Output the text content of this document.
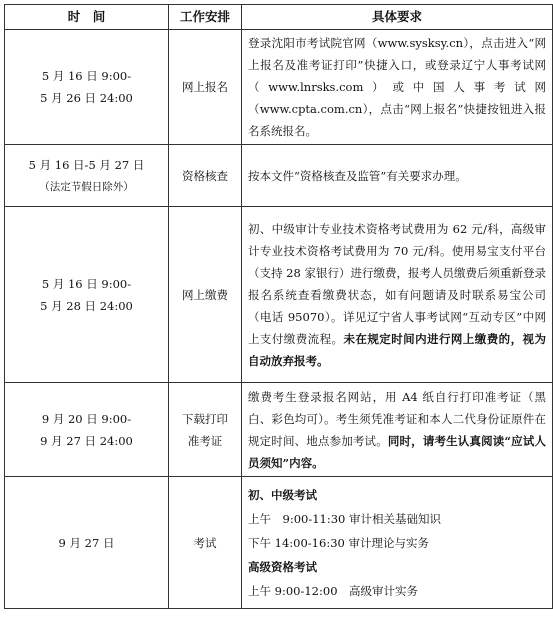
时　间	工作安排	具体要求

5 月 16 日 9:00-
5 月 26 日 24:00	网上报名	登录沈阳市考试院官网（www.sysksy.cn），点击进入“网上报名及准考证打印”快捷入口，或登录辽宁人事考试网（www.lnrsks.com）或中国人事考试网（www.cpta.com.cn），点击“网上报名”快捷按钮进入报名系统报名。

5 月 16 日-5 月 27 日
（法定节假日除外）	资格核查	按本文件“资格核查及监管”有关要求办理。

5 月 16 日 9:00-
5 月 28 日 24:00	网上缴费	初、中级审计专业技术资格考试费用为 62 元/科，高级审计专业技术资格考试费用为 70 元/科。使用易宝支付平台（支持 28 家银行）进行缴费，报考人员缴费后须重新登录报名系统查看缴费状态，如有问题请及时联系易宝公司（电话 95070）。详见辽宁省人事考试网“互动专区”中网上支付缴费流程。未在规定时间内进行网上缴费的，视为自动放弃报考。

9 月 20 日 9:00-
9 月 27 日 24:00	下载打印
准考证	缴费考生登录报名网站，用 A4 纸自行打印准考证（黑白、彩色均可）。考生须凭准考证和本人二代身份证原件在规定时间、地点参加考试。同时，请考生认真阅读“应试人员须知”内容。
9 月 27 日	考试	初、中级考试
上午　9:00-11:30 审计相关基础知识
下午 14:00-16:30 审计理论与实务
高级资格考试
上午 9:00-12:00　高级审计实务
